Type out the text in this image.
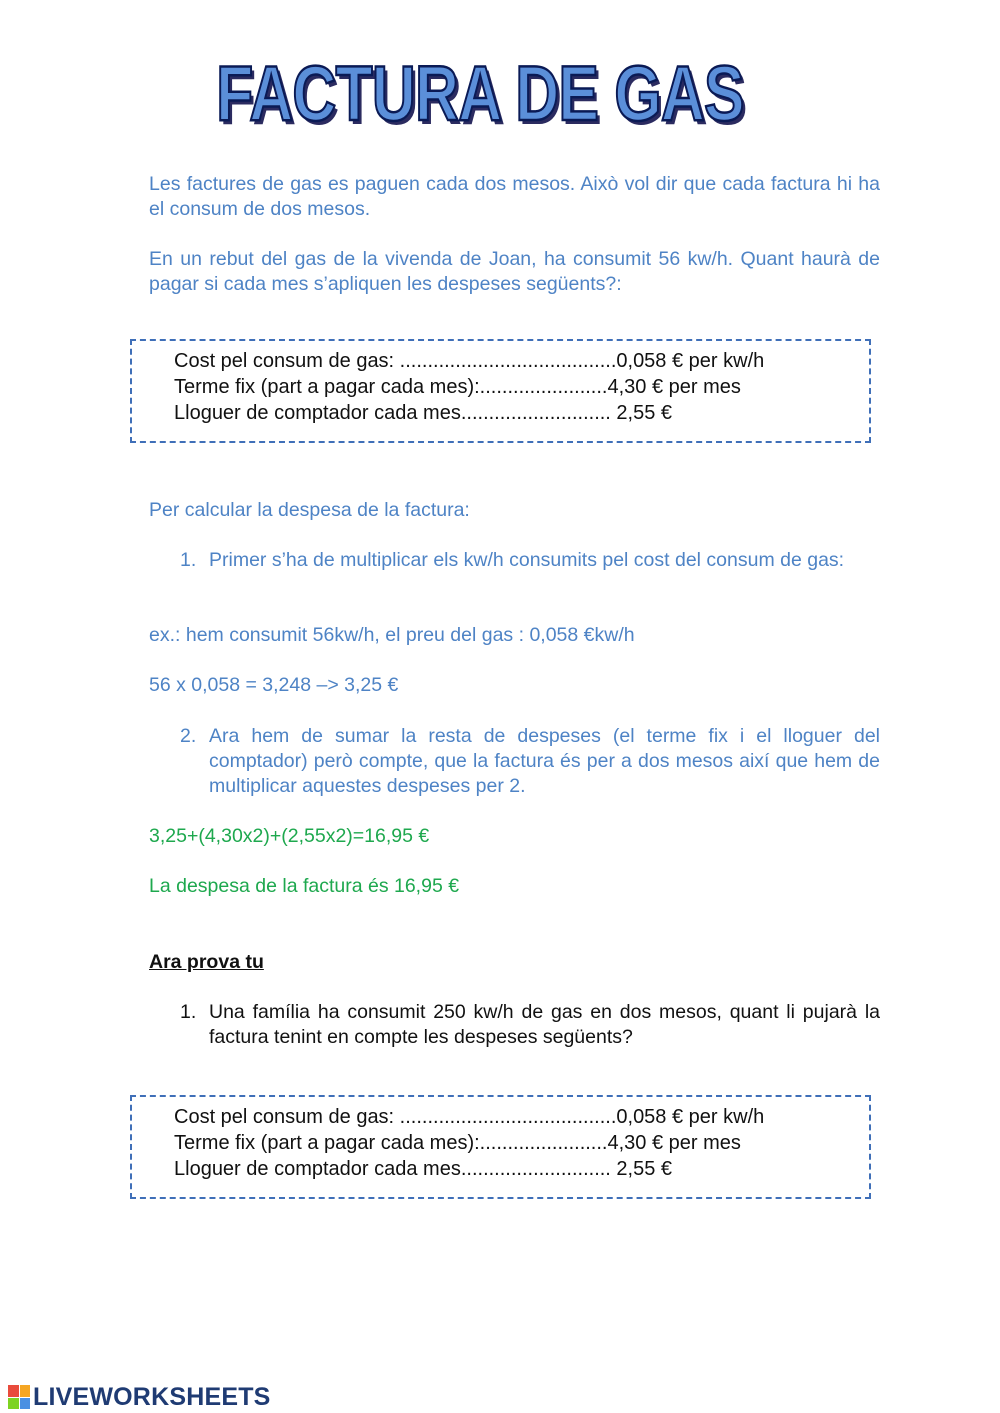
FACTURA DE GAS
Les factures de gas es paguen cada dos mesos. Això vol dir que cada factura hi ha el consum de dos mesos.
En un rebut del gas de la vivenda de Joan, ha consumit 56 kw/h. Quant haurà de pagar si cada mes s’apliquen les despeses següents?:
Cost pel consum de gas: .......................................0,058 € per kw/h
Terme fix (part a pagar cada mes):.......................4,30 € per mes
Lloguer de comptador cada mes........................... 2,55 €
Per calcular la despesa de la factura:
1. Primer s’ha de multiplicar els kw/h consumits pel cost del consum de gas:
ex.: hem consumit 56kw/h, el preu del gas : 0,058 €kw/h
56 x 0,058 = 3,248 –> 3,25 €
2. Ara hem de sumar la resta de despeses (el terme fix i el lloguer del comptador) però compte, que la factura és per a dos mesos així que hem de multiplicar aquestes despeses per 2.
3,25+(4,30x2)+(2,55x2)=16,95 €
La despesa de la factura és 16,95 €
Ara prova tu
1. Una família ha consumit 250 kw/h de gas en dos mesos, quant li pujarà la factura tenint en compte les despeses següents?
Cost pel consum de gas: .......................................0,058 € per kw/h
Terme fix (part a pagar cada mes):.......................4,30 € per mes
Lloguer de comptador cada mes........................... 2,55 €
LIVEWORKSHEETS
